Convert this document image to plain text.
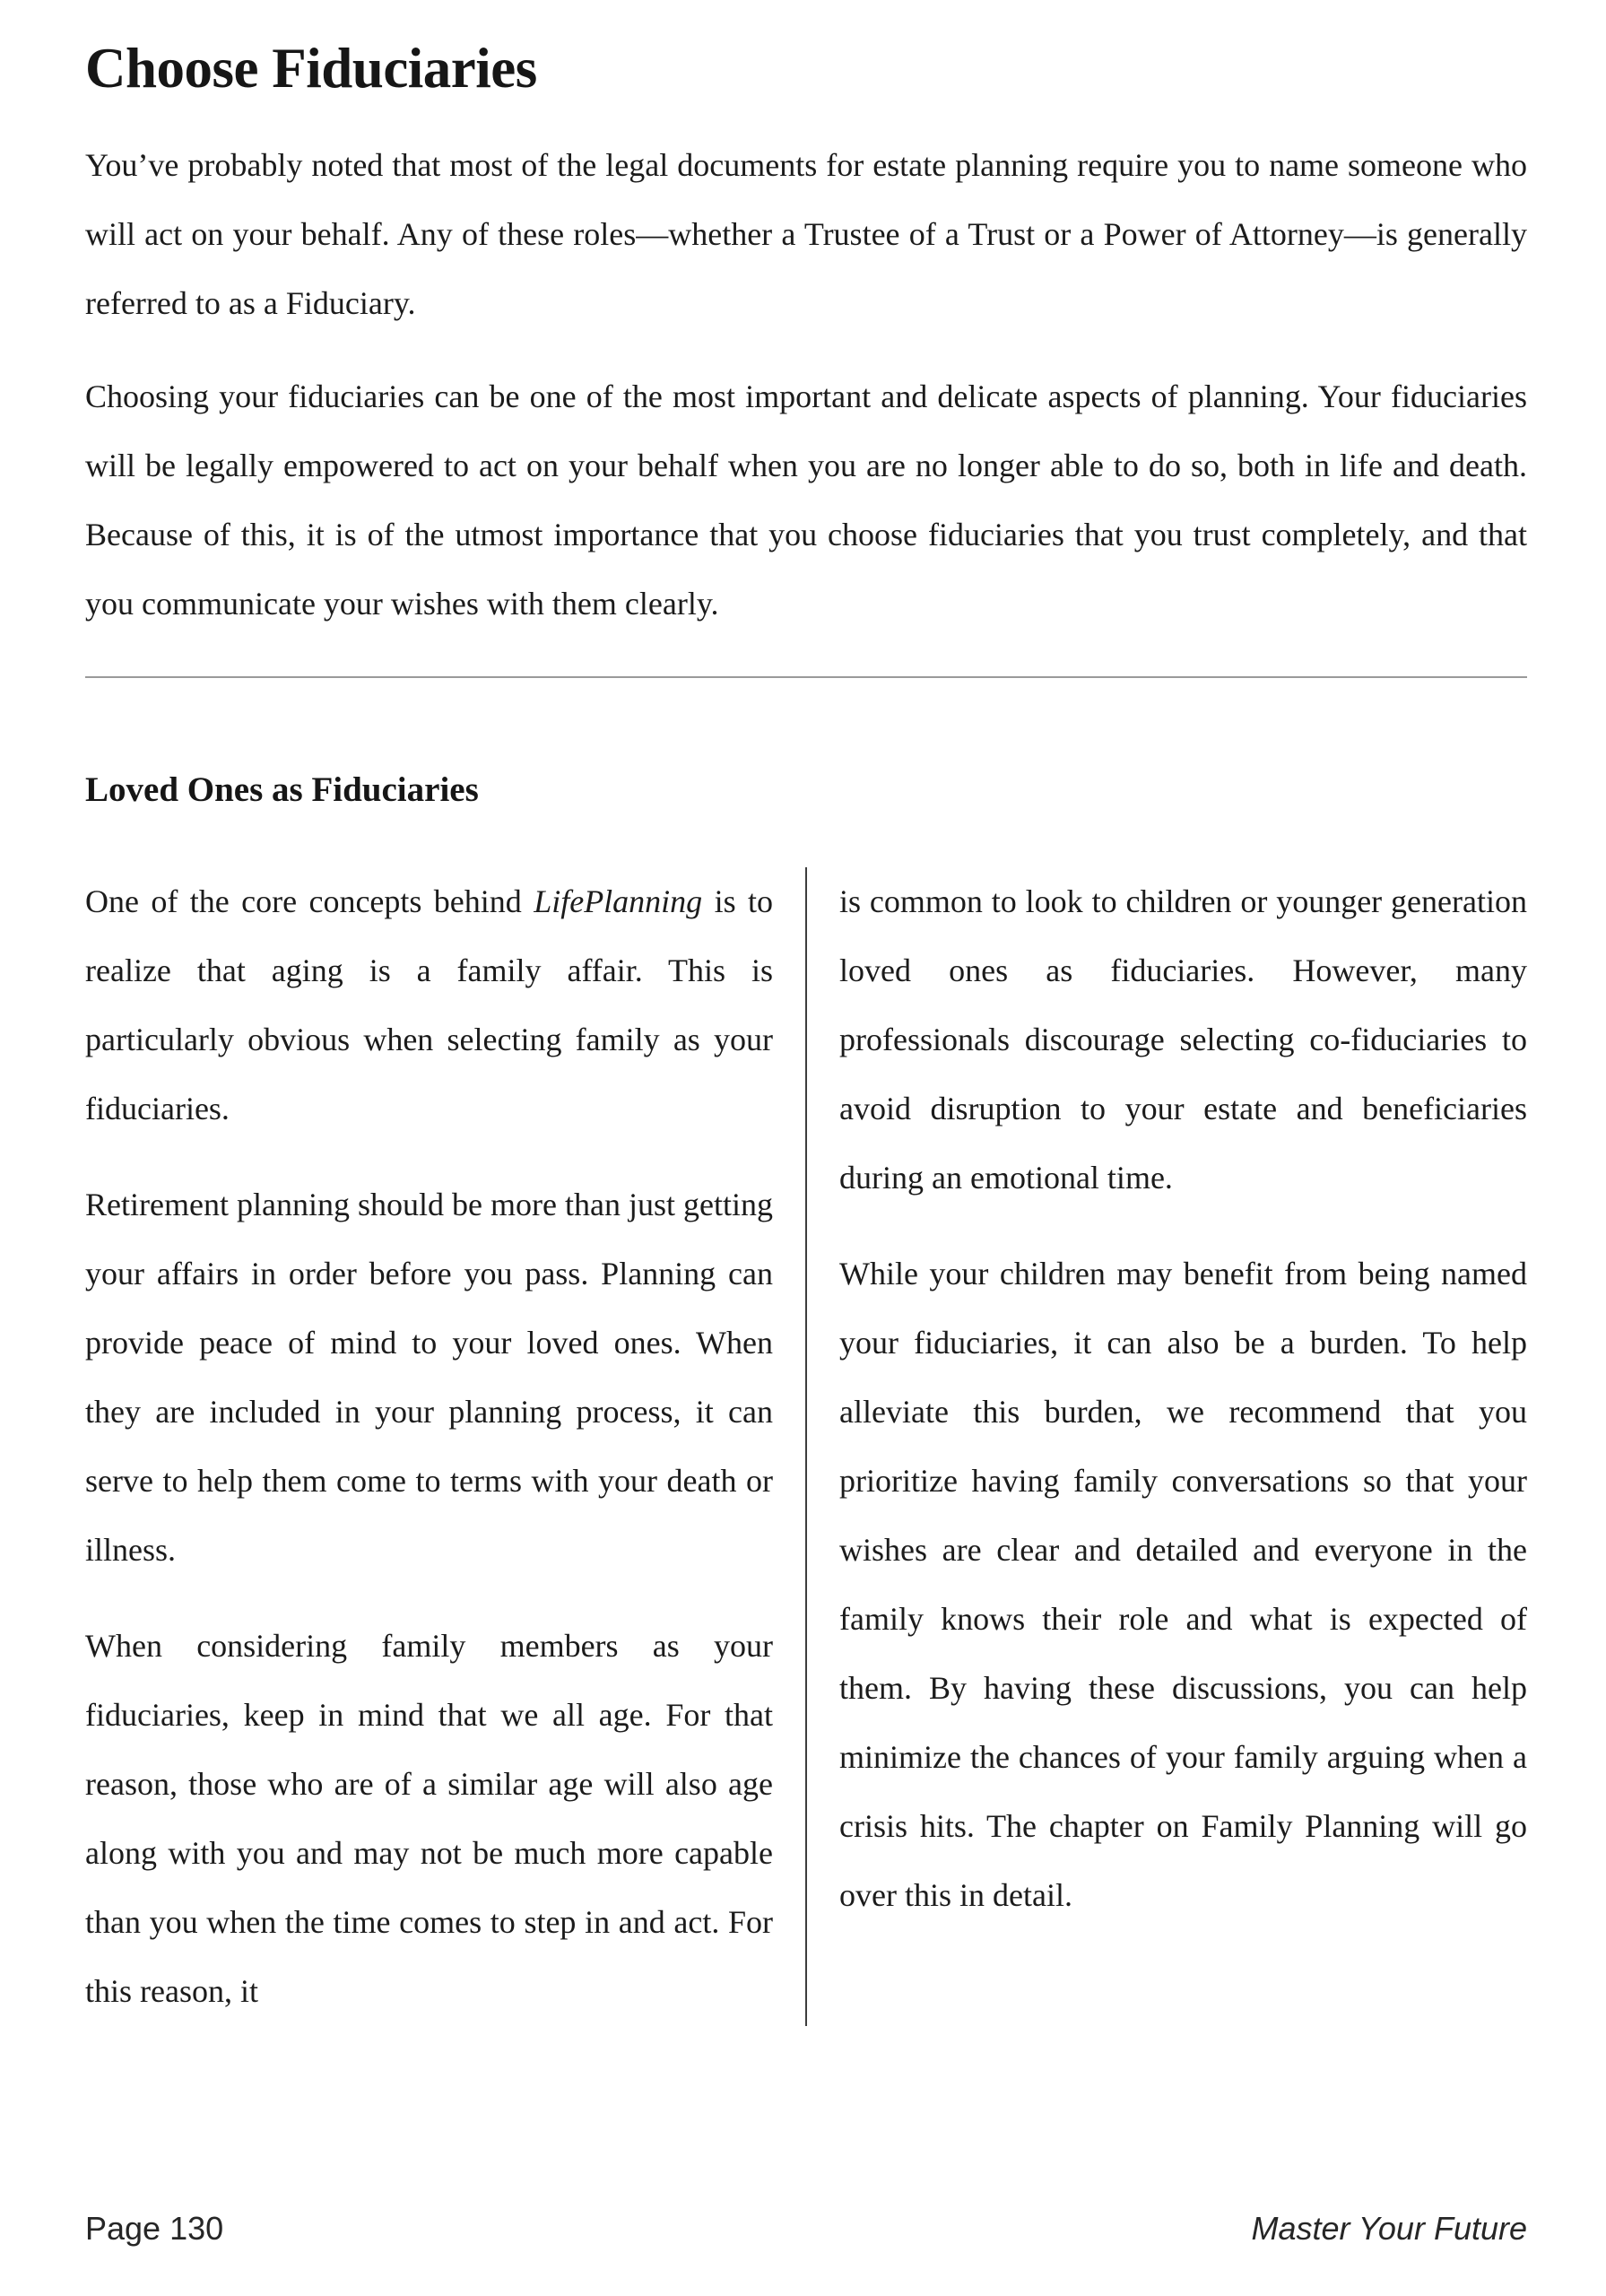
Choose Fiduciaries

You’ve probably noted that most of the legal documents for estate planning require you to name someone who will act on your behalf. Any of these roles—whether a Trustee of a Trust or a Power of Attorney—is generally referred to as a Fiduciary.

Choosing your fiduciaries can be one of the most important and delicate aspects of planning. Your fiduciaries will be legally empowered to act on your behalf when you are no longer able to do so, both in life and death. Because of this, it is of the utmost importance that you choose fiduciaries that you trust completely, and that you communicate your wishes with them clearly.

Loved Ones as Fiduciaries

One of the core concepts behind LifePlanning is to realize that aging is a family affair. This is particularly obvious when selecting family as your fiduciaries.

Retirement planning should be more than just getting your affairs in order before you pass. Planning can provide peace of mind to your loved ones. When they are included in your planning process, it can serve to help them come to terms with your death or illness.

When considering family members as your fiduciaries, keep in mind that we all age. For that reason, those who are of a similar age will also age along with you and may not be much more capable than you when the time comes to step in and act. For this reason, it

is common to look to children or younger generation loved ones as fiduciaries. However, many professionals discourage selecting co-fiduciaries to avoid disruption to your estate and beneficiaries during an emotional time.

While your children may benefit from being named your fiduciaries, it can also be a burden. To help alleviate this burden, we recommend that you prioritize having family conversations so that your wishes are clear and detailed and everyone in the family knows their role and what is expected of them. By having these discussions, you can help minimize the chances of your family arguing when a crisis hits. The chapter on Family Planning will go over this in detail.

Page 130	Master Your Future
